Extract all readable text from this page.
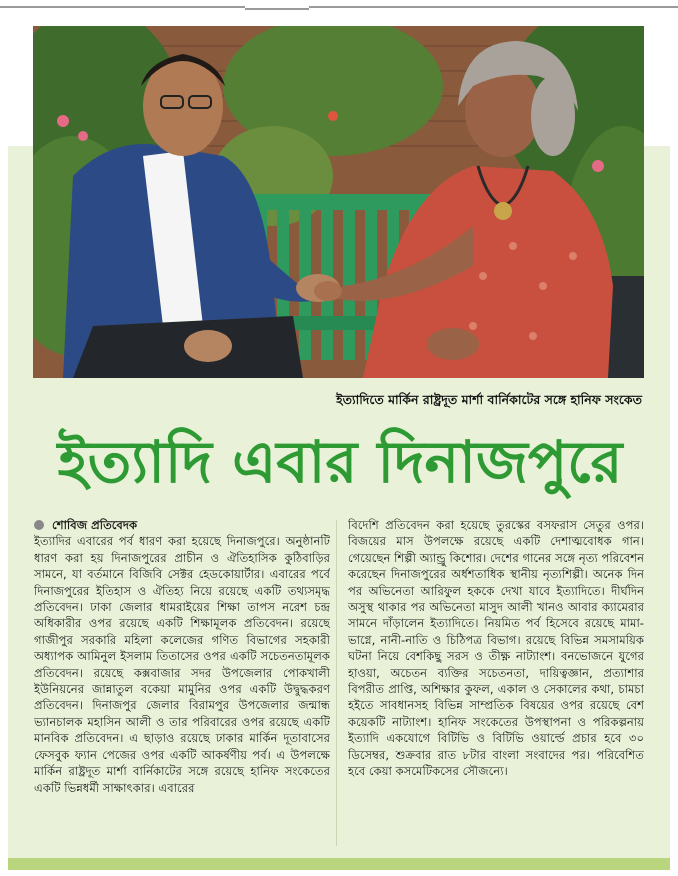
ইত্যাদিতে মার্কিন রাষ্ট্রদূত মার্শা বার্নিকাটের সঙ্গে হানিফ সংকেত
ইত্যাদি এবার দিনাজপুরে
শোবিজ প্রতিবেদক
ইত্যাদির এবারের পর্ব ধারণ করা হয়েছে দিনাজপুরে। অনুষ্ঠানটি ধারণ করা হয় দিনাজপুরের প্রাচীন ও ঐতিহাসিক কুঠিবাড়ির সামনে, যা বর্তমানে বিজিবি সেক্টর হেডকোয়ার্টার। এবারের পর্বে দিনাজপুরের ইতিহাস ও ঐতিহ্য নিয়ে রয়েছে একটি তথ্যসমৃদ্ধ প্রতিবেদন। ঢাকা জেলার ধামরাইয়ের শিক্ষা তাপস নরেশ চন্দ্র অধিকারীর ওপর রয়েছে একটি শিক্ষামূলক প্রতিবেদন। রয়েছে গাজীপুর সরকারি মহিলা কলেজের গণিত বিভাগের সহকারী অধ্যাপক আমিনুল ইসলাম তিতাসের ওপর একটি সচেতনতামূলক প্রতিবেদন। রয়েছে কক্সবাজার সদর উপজেলার পোকখালী ইউনিয়নের জান্নাতুল বকেয়া মামুনির ওপর একটি উদ্বুদ্ধকরণ প্রতিবেদন। দিনাজপুর জেলার বিরামপুর উপজেলার জন্মান্ধ ভ্যানচালক মহাসিন আলী ও তার পরিবারের ওপর রয়েছে একটি মানবিক প্রতিবেদন। এ ছাড়াও রয়েছে ঢাকার মার্কিন দূতাবাসের ফেসবুক ফ্যান পেজের ওপর একটি আকর্ষণীয় পর্ব। এ উপলক্ষে মার্কিন রাষ্ট্রদূত মার্শা বার্নিকাটের সঙ্গে রয়েছে হানিফ সংকেতের একটি ভিন্নধর্মী সাক্ষাৎকার। এবারের
বিদেশি প্রতিবেদন করা হয়েছে তুরস্কের বসফরাস সেতুর ওপর। বিজয়ের মাস উপলক্ষে রয়েছে একটি দেশাত্মবোধক গান। গেয়েছেন শিল্পী অ্যান্ড্রু কিশোর। দেশের গানের সঙ্গে নৃত্য পরিবেশন করেছেন দিনাজপুরের অর্ধশতাধিক স্থানীয় নৃত্যশিল্পী। অনেক দিন পর অভিনেতা আরিফুল হককে দেখা যাবে ইত্যাদিতে। দীর্ঘদিন অসুস্থ থাকার পর অভিনেতা মাসুদ আলী খানও আবার ক্যামেরার সামনে দাঁড়ালেন ইত্যাদিতে। নিয়মিত পর্ব হিসেবে রয়েছে মামা-ভাগ্নে, নানী-নাতি ও চিঠিপত্র বিভাগ। রয়েছে বিভিন্ন সমসাময়িক ঘটনা নিয়ে বেশকিছু সরস ও তীক্ষ্ণ নাট্যাংশ। বনভোজনে যুগের হাওয়া, অচেতন ব্যক্তির সচেতনতা, দায়িত্বজ্ঞান, প্রত্যাশার বিপরীত প্রাপ্তি, অশিক্ষার কুফল, একাল ও সেকালের কথা, চামচা হইতে সাবধানসহ বিভিন্ন সাম্প্রতিক বিষয়ের ওপর রয়েছে বেশ কয়েকটি নাট্যাংশ। হানিফ সংকেতের উপস্থাপনা ও পরিকল্পনায় ইত্যাদি একযোগে বিটিভি ও বিটিভি ওয়ার্ল্ডে প্রচার হবে ৩০ ডিসেম্বর, শুক্রবার রাত ৮টার বাংলা সংবাদের পর। পরিবেশিত হবে কেয়া কসমেটিকসের সৌজন্যে।
